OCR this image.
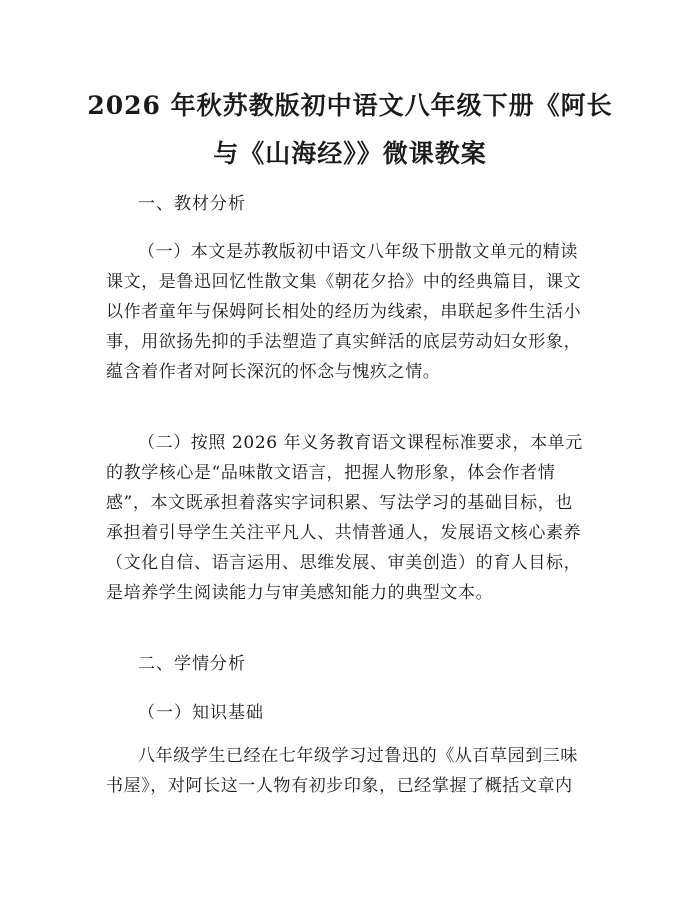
2026 年秋苏教版初中语文八年级下册《阿长
与《山海经》》微课教案
一、教材分析
（一）本文是苏教版初中语文八年级下册散文单元的精读
课文，是鲁迅回忆性散文集《朝花夕拾》中的经典篇目，课文
以作者童年与保姆阿长相处的经历为线索，串联起多件生活小
事，用欲扬先抑的手法塑造了真实鲜活的底层劳动妇女形象，
蕴含着作者对阿长深沉的怀念与愧疚之情。
（二）按照 2026 年义务教育语文课程标准要求，本单元
的教学核心是“品味散文语言，把握人物形象，体会作者情
感”，本文既承担着落实字词积累、写法学习的基础目标，也
承担着引导学生关注平凡人、共情普通人，发展语文核心素养
（文化自信、语言运用、思维发展、审美创造）的育人目标，
是培养学生阅读能力与审美感知能力的典型文本。
二、学情分析
（一）知识基础
八年级学生已经在七年级学习过鲁迅的《从百草园到三味
书屋》，对阿长这一人物有初步印象，已经掌握了概括文章内
